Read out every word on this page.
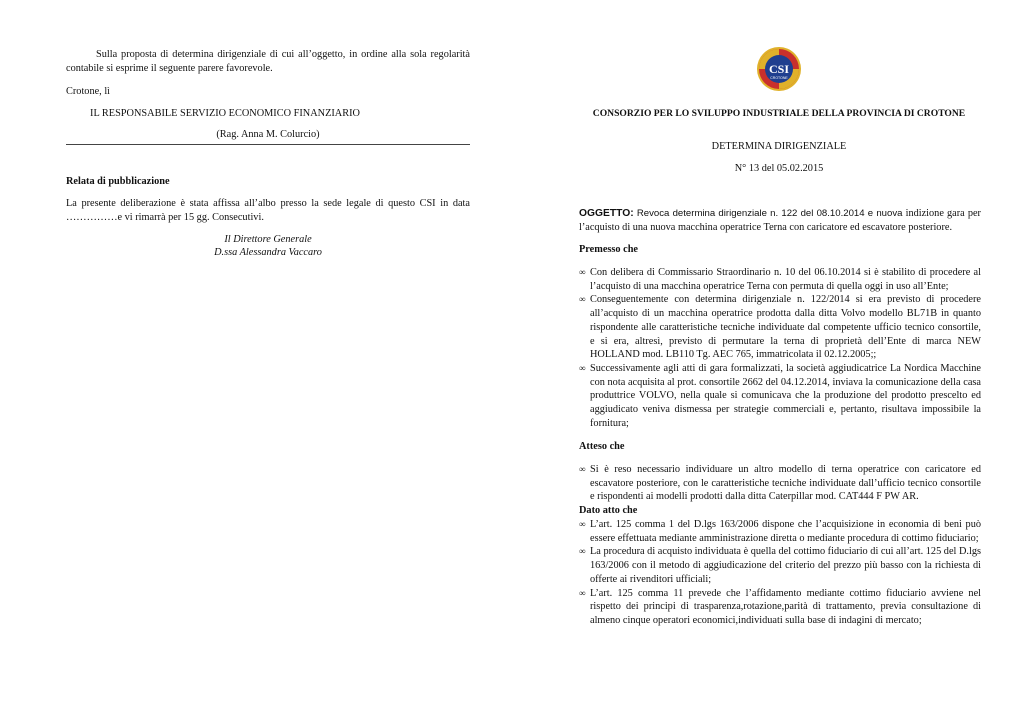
Sulla proposta di determina dirigenziale di cui all’oggetto, in ordine alla sola regolarità contabile si esprime il seguente parere favorevole.
Crotone, lì
IL RESPONSABILE SERVIZIO ECONOMICO FINANZIARIO
(Rag. Anna M. Colurcio)
Relata di pubblicazione
La presente deliberazione è stata affissa all’albo presso la sede legale di questo CSI in data ……………e vi rimarrà per 15 gg. Consecutivi.
Il Direttore Generale
D.ssa Alessandra Vaccaro
CSI
CROTONE
CONSORZIO PER LO SVILUPPO INDUSTRIALE DELLA PROVINCIA DI CROTONE
DETERMINA DIRIGENZIALE
N° 13 del 05.02.2015
OGGETTO: Revoca determina dirigenziale n. 122 del 08.10.2014 e nuova indizione gara per l’acquisto di una nuova macchina operatrice Terna con caricatore ed escavatore posteriore.
Premesso che
∞ Con delibera di Commissario Straordinario n. 10 del 06.10.2014 si è stabilito di procedere al l’acquisto di una macchina operatrice Terna con permuta di quella oggi in uso all’Ente;
∞ Conseguentemente con determina dirigenziale n. 122/2014 si era previsto di procedere all’acquisto di un macchina operatrice prodotta dalla ditta Volvo modello BL71B in quanto rispondente alle caratteristiche tecniche individuate dal competente ufficio tecnico consortile, e si era, altresì, previsto di permutare la terna di proprietà dell’Ente di marca NEW HOLLAND mod. LB110 Tg. AEC 765, immatricolata il 02.12.2005;;
∞ Successivamente agli atti di gara formalizzati, la società aggiudicatrice La Nordica Macchine con nota acquisita al prot. consortile 2662 del 04.12.2014, inviava la comunicazione della casa produttrice VOLVO, nella quale si comunicava che la produzione del prodotto prescelto ed aggiudicato veniva dismessa per strategie commerciali e, pertanto, risultava impossibile la fornitura;
Atteso che
∞ Si è reso necessario individuare un altro modello di terna operatrice con caricatore ed escavatore posteriore, con le caratteristiche tecniche individuate dall’ufficio tecnico consortile e rispondenti ai modelli prodotti dalla ditta Caterpillar mod. CAT444 F PW AR.
Dato atto che
∞ L’art. 125 comma 1 del D.lgs 163/2006 dispone che l’acquisizione in economia di beni può essere effettuata mediante amministrazione diretta o mediante procedura di cottimo fiduciario;
∞ La procedura di acquisto individuata è quella del cottimo fiduciario di cui all’art. 125 del D.lgs 163/2006 con il metodo di aggiudicazione del criterio del prezzo più basso con la richiesta di offerte ai rivenditori ufficiali;
∞ L’art. 125 comma 11 prevede che l’affidamento mediante cottimo fiduciario avviene nel rispetto dei principi di trasparenza,rotazione,parità di trattamento, previa consultazione di almeno cinque operatori economici,individuati sulla base di indagini di mercato;
